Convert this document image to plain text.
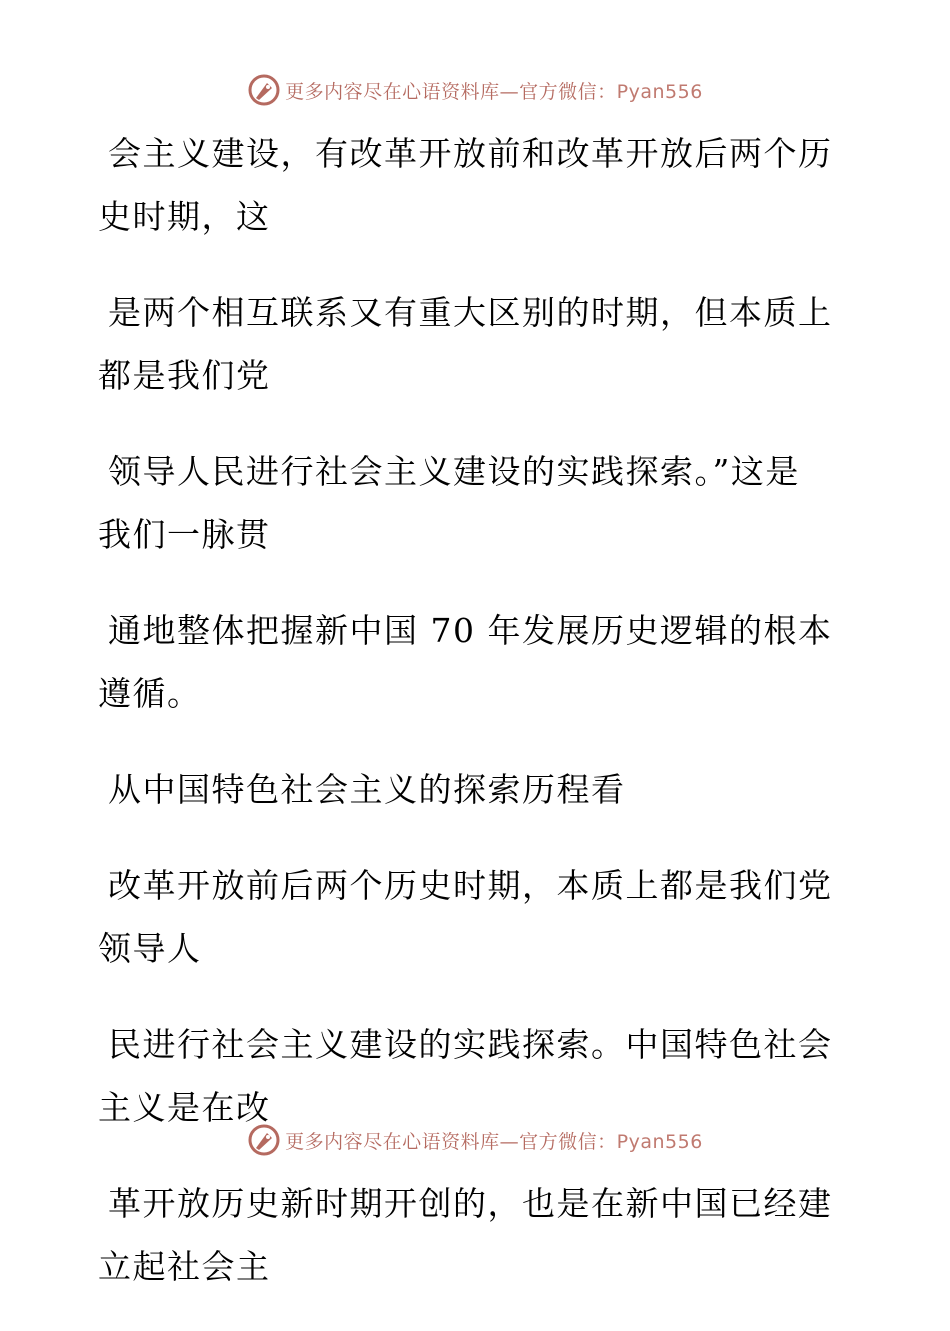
更多内容尽在心语资料库—官方微信：Pyan556
会主义建设，有改革开放前和改革开放后两个历
史时期，这
是两个相互联系又有重大区别的时期，但本质上
都是我们党
领导人民进行社会主义建设的实践探索。”这是
我们一脉贯
通地整体把握新中国 70 年发展历史逻辑的根本
遵循。
从中国特色社会主义的探索历程看
改革开放前后两个历史时期，本质上都是我们党
领导人
民进行社会主义建设的实践探索。中国特色社会
主义是在改
革开放历史新时期开创的，也是在新中国已经建
立起社会主
更多内容尽在心语资料库—官方微信：Pyan556
